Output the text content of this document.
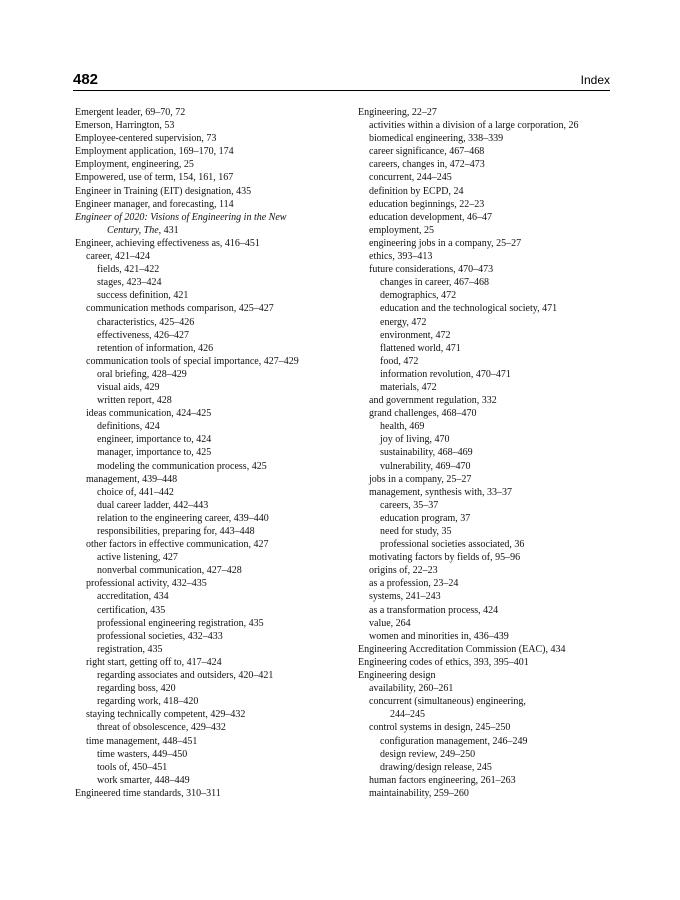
482	Index
Emergent leader, 69–70, 72
Emerson, Harrington, 53
Employee-centered supervision, 73
Employment application, 169–170, 174
Employment, engineering, 25
Empowered, use of term, 154, 161, 167
Engineer in Training (EIT) designation, 435
Engineer manager, and forecasting, 114
Engineer of 2020: Visions of Engineering in the New
Century, The, 431
Engineer, achieving effectiveness as, 416–451
career, 421–424
fields, 421–422
stages, 423–424
success definition, 421
communication methods comparison, 425–427
characteristics, 425–426
effectiveness, 426–427
retention of information, 426
communication tools of special importance, 427–429
oral briefing, 428–429
visual aids, 429
written report, 428
ideas communication, 424–425
definitions, 424
engineer, importance to, 424
manager, importance to, 425
modeling the communication process, 425
management, 439–448
choice of, 441–442
dual career ladder, 442–443
relation to the engineering career, 439–440
responsibilities, preparing for, 443–448
other factors in effective communication, 427
active listening, 427
nonverbal communication, 427–428
professional activity, 432–435
accreditation, 434
certification, 435
professional engineering registration, 435
professional societies, 432–433
registration, 435
right start, getting off to, 417–424
regarding associates and outsiders, 420–421
regarding boss, 420
regarding work, 418–420
staying technically competent, 429–432
threat of obsolescence, 429–432
time management, 448–451
time wasters, 449–450
tools of, 450–451
work smarter, 448–449
Engineered time standards, 310–311
Engineering, 22–27
activities within a division of a large corporation, 26
biomedical engineering, 338–339
career significance, 467–468
careers, changes in, 472–473
concurrent, 244–245
definition by ECPD, 24
education beginnings, 22–23
education development, 46–47
employment, 25
engineering jobs in a company, 25–27
ethics, 393–413
future considerations, 470–473
changes in career, 467–468
demographics, 472
education and the technological society, 471
energy, 472
environment, 472
flattened world, 471
food, 472
information revolution, 470–471
materials, 472
and government regulation, 332
grand challenges, 468–470
health, 469
joy of living, 470
sustainability, 468–469
vulnerability, 469–470
jobs in a company, 25–27
management, synthesis with, 33–37
careers, 35–37
education program, 37
need for study, 35
professional societies associated, 36
motivating factors by fields of, 95–96
origins of, 22–23
as a profession, 23–24
systems, 241–243
as a transformation process, 424
value, 264
women and minorities in, 436–439
Engineering Accreditation Commission (EAC), 434
Engineering codes of ethics, 393, 395–401
Engineering design
availability, 260–261
concurrent (simultaneous) engineering,
244–245
control systems in design, 245–250
configuration management, 246–249
design review, 249–250
drawing/design release, 245
human factors engineering, 261–263
maintainability, 259–260
